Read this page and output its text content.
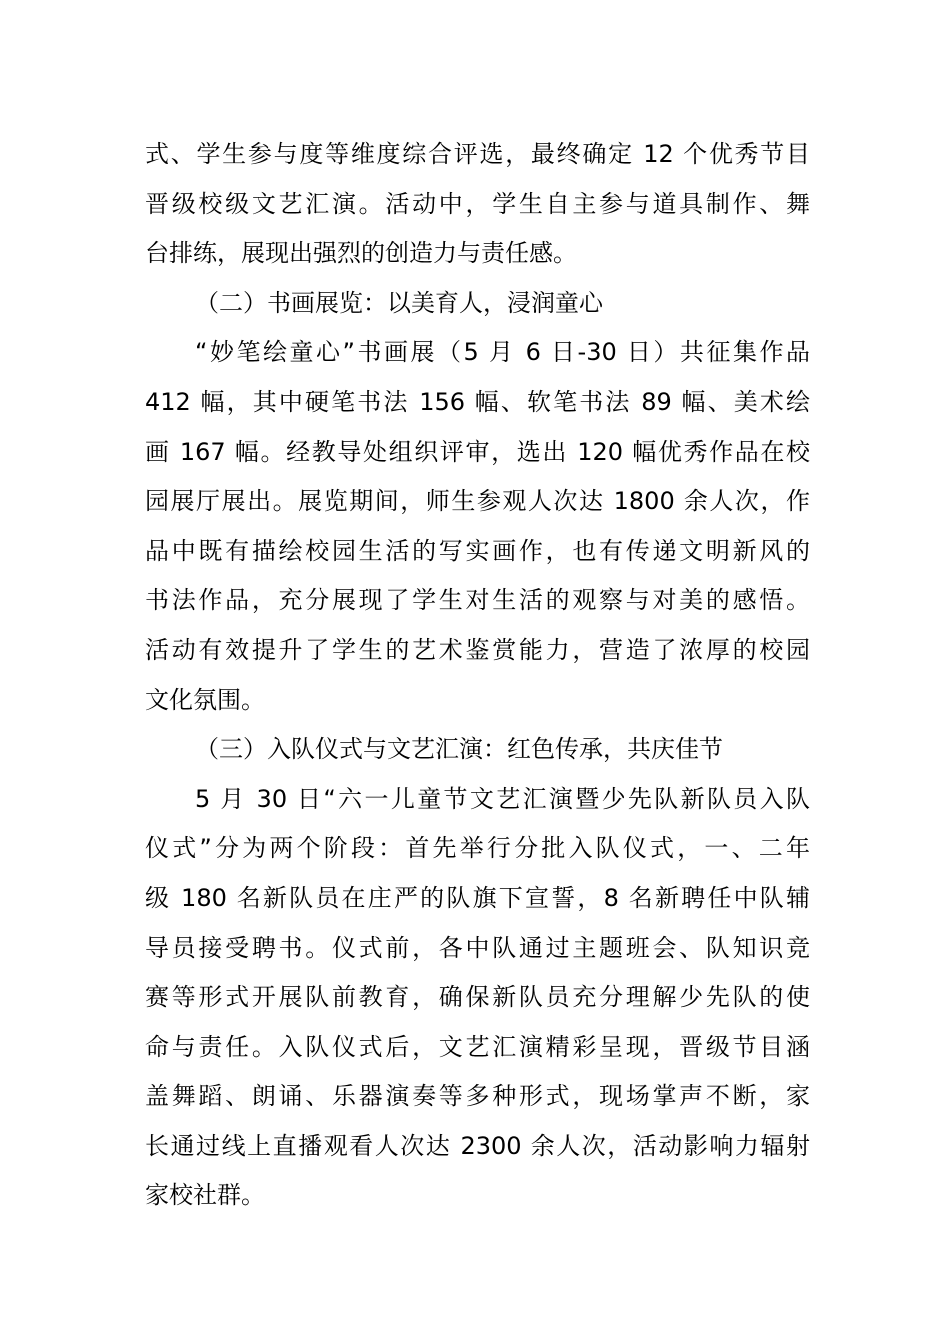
式、学生参与度等维度综合评选，最终确定 12 个优秀节目
晋级校级文艺汇演。活动中，学生自主参与道具制作、舞
台排练，展现出强烈的创造力与责任感。
（二）书画展览：以美育人，浸润童心
“妙笔绘童心”书画展（5 月 6 日-30 日）共征集作品
412 幅，其中硬笔书法 156 幅、软笔书法 89 幅、美术绘
画 167 幅。经教导处组织评审，选出 120 幅优秀作品在校
园展厅展出。展览期间，师生参观人次达 1800 余人次，作
品中既有描绘校园生活的写实画作，也有传递文明新风的
书法作品，充分展现了学生对生活的观察与对美的感悟。
活动有效提升了学生的艺术鉴赏能力，营造了浓厚的校园
文化氛围。
（三）入队仪式与文艺汇演：红色传承，共庆佳节
5 月 30 日“六一儿童节文艺汇演暨少先队新队员入队
仪式”分为两个阶段：首先举行分批入队仪式，一、二年
级 180 名新队员在庄严的队旗下宣誓，8 名新聘任中队辅
导员接受聘书。仪式前，各中队通过主题班会、队知识竞
赛等形式开展队前教育，确保新队员充分理解少先队的使
命与责任。入队仪式后，文艺汇演精彩呈现，晋级节目涵
盖舞蹈、朗诵、乐器演奏等多种形式，现场掌声不断，家
长通过线上直播观看人次达 2300 余人次，活动影响力辐射
家校社群。
